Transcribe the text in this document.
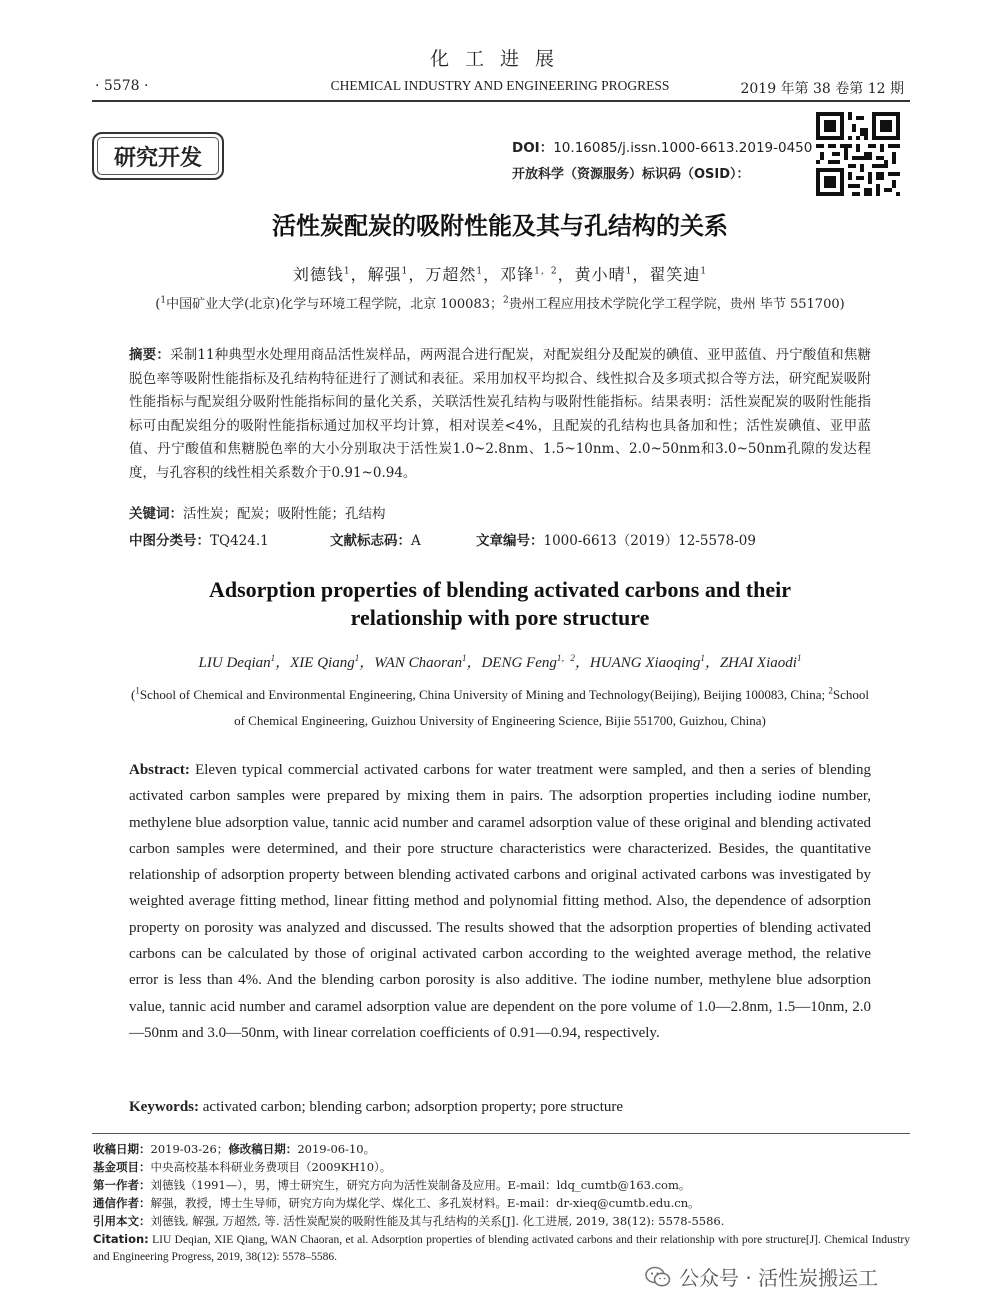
化工进展
· 5578 ·	CHEMICAL INDUSTRY AND ENGINEERING PROGRESS	2019 年第 38 卷第 12 期
研究开发	DOI：10.16085/j.issn.1000-6613.2019-0450
开放科学（资源服务）标识码（OSID）：
活性炭配炭的吸附性能及其与孔结构的关系
刘德钱$^1$，解强$^1$，万超然$^1$，邓锋$^{1,2}$，黄小晴$^1$，翟笑迪$^1$
($^1$中国矿业大学(北京)化学与环境工程学院，北京 100083；$^2$贵州工程应用技术学院化学工程学院，贵州 毕节 551700)
摘要：采制11种典型水处理用商品活性炭样品，两两混合进行配炭，对配炭组分及配炭的碘值、亚甲蓝值、丹宁酸值和焦糖脱色率等吸附性能指标及孔结构特征进行了测试和表征。采用加权平均拟合、线性拟合及多项式拟合等方法，研究配炭吸附性能指标与配炭组分吸附性能指标间的量化关系，关联活性炭孔结构与吸附性能指标。结果表明：活性炭配炭的吸附性能指标可由配炭组分的吸附性能指标通过加权平均计算，相对误差<4%，且配炭的孔结构也具备加和性；活性炭碘值、亚甲蓝值、丹宁酸值和焦糖脱色率的大小分别取决于活性炭1.0~2.8nm、1.5~10nm、2.0~50nm和3.0~50nm孔隙的发达程度，与孔容积的线性相关系数介于0.91~0.94。
关键词：活性炭；配炭；吸附性能；孔结构
中图分类号：TQ424.1	文献标志码：A	文章编号：1000-6613（2019）12-5578-09
Adsorption properties of blending activated carbons and their
relationship with pore structure
LIU Deqian$^1$，XIE Qiang$^1$，WAN Chaoran$^1$，DENG Feng$^{1,2}$，HUANG Xiaoqing$^1$，ZHAI Xiaodi$^1$
($^1$School of Chemical and Environmental Engineering, China University of Mining and Technology(Beijing), Beijing 100083, China; $^2$School of Chemical Engineering, Guizhou University of Engineering Science, Bijie 551700, Guizhou, China)
Abstract: Eleven typical commercial activated carbons for water treatment were sampled, and then a series of blending activated carbon samples were prepared by mixing them in pairs. The adsorption properties including iodine number, methylene blue adsorption value, tannic acid number and caramel adsorption value of these original and blending activated carbon samples were determined, and their pore structure characteristics were characterized. Besides, the quantitative relationship of adsorption property between blending activated carbons and original activated carbons was investigated by weighted average fitting method, linear fitting method and polynomial fitting method. Also, the dependence of adsorption property on porosity was analyzed and discussed. The results showed that the adsorption properties of blending activated carbons can be calculated by those of original activated carbon according to the weighted average method, the relative error is less than 4%. And the blending carbon porosity is also additive. The iodine number, methylene blue adsorption value, tannic acid number and caramel adsorption value are dependent on the pore volume of 1.0—2.8nm, 1.5—10nm, 2.0—50nm and 3.0—50nm, with linear correlation coefficients of 0.91—0.94, respectively.
Keywords: activated carbon; blending carbon; adsorption property; pore structure
收稿日期：2019-03-26；修改稿日期：2019-06-10。
基金项目：中央高校基本科研业务费项目（2009KH10）。
第一作者：刘德钱（1991—），男，博士研究生，研究方向为活性炭制备及应用。E-mail：ldq_cumtb@163.com。
通信作者：解强，教授，博士生导师，研究方向为煤化学、煤化工、多孔炭材料。E-mail：dr-xieq@cumtb.edu.cn。
引用本文：刘德钱, 解强, 万超然, 等. 活性炭配炭的吸附性能及其与孔结构的关系[J]. 化工进展, 2019, 38(12): 5578-5586.
Citation: LIU Deqian, XIE Qiang, WAN Chaoran, et al. Adsorption properties of blending activated carbons and their relationship with pore structure[J]. Chemical Industry and Engineering Progress, 2019, 38(12): 5578–5586.
公众号 · 活性炭搬运工
